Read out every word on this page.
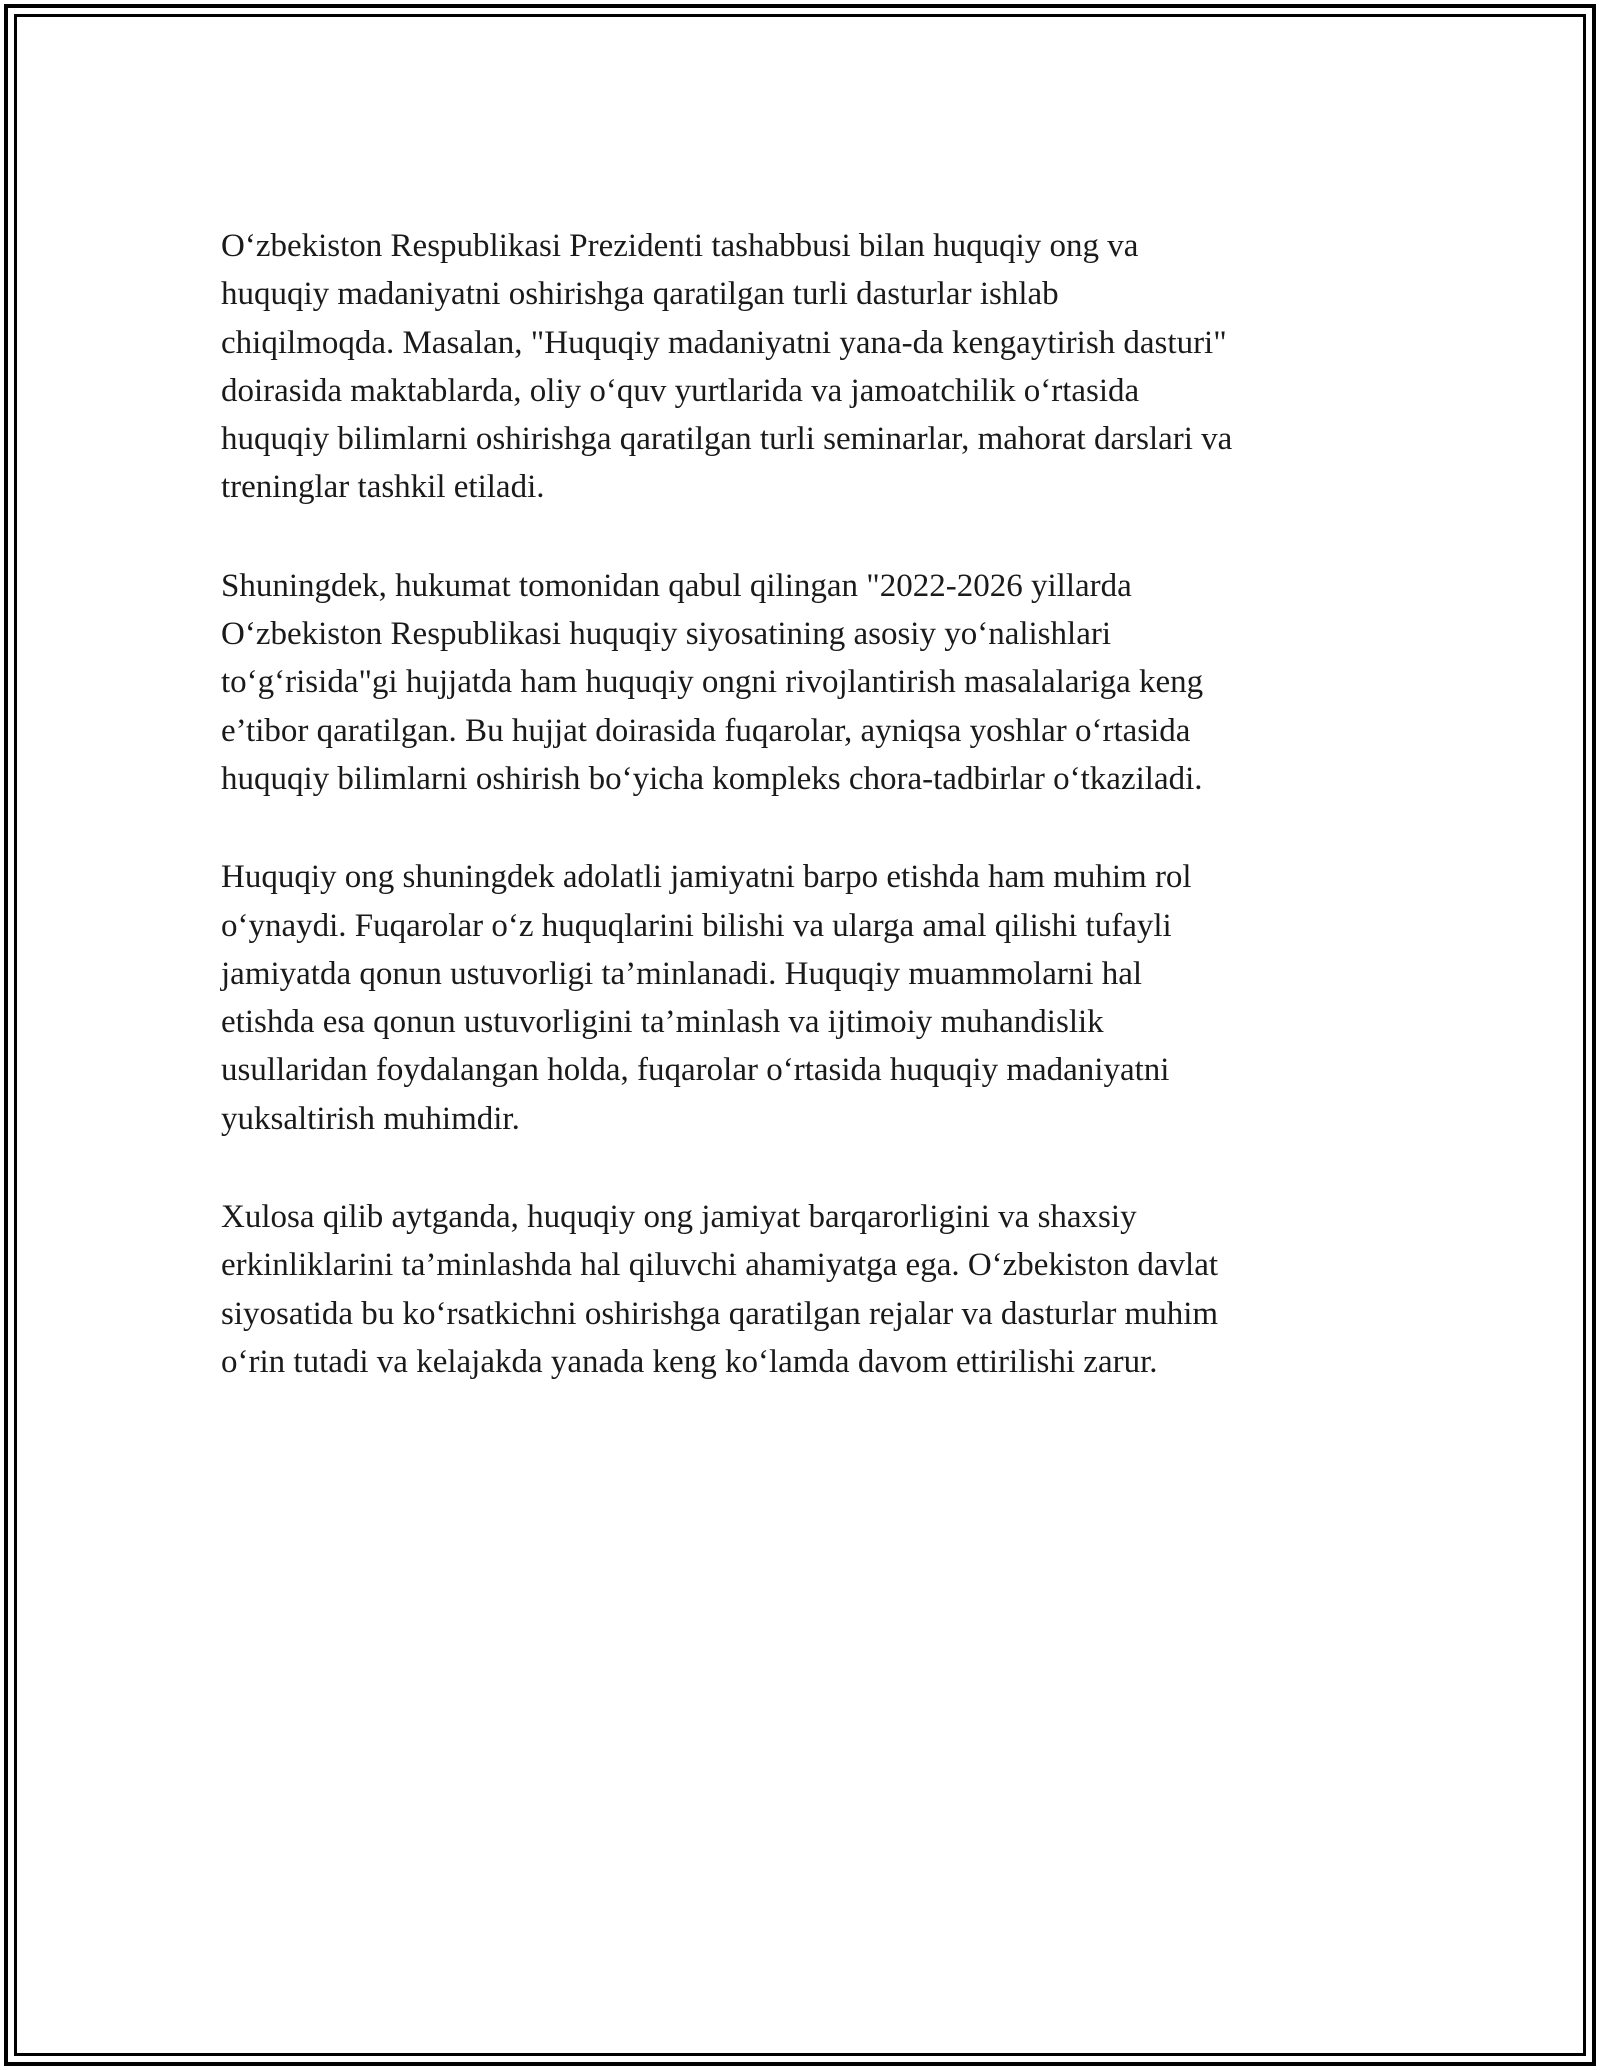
Oʻzbekiston Respublikasi Prezidenti tashabbusi bilan huquqiy ong va
huquqiy madaniyatni oshirishga qaratilgan turli dasturlar ishlab
chiqilmoqda. Masalan, "Huquqiy madaniyatni yana-da kengaytirish dasturi"
doirasida maktablarda, oliy oʻquv yurtlarida va jamoatchilik oʻrtasida
huquqiy bilimlarni oshirishga qaratilgan turli seminarlar, mahorat darslari va
treninglar tashkil etiladi.

Shuningdek, hukumat tomonidan qabul qilingan "2022-2026 yillarda
Oʻzbekiston Respublikasi huquqiy siyosatining asosiy yoʻnalishlari
toʻgʻrisida"gi hujjatda ham huquqiy ongni rivojlantirish masalalariga keng
e’tibor qaratilgan. Bu hujjat doirasida fuqarolar, ayniqsa yoshlar oʻrtasida
huquqiy bilimlarni oshirish boʻyicha kompleks chora-tadbirlar oʻtkaziladi.

Huquqiy ong shuningdek adolatli jamiyatni barpo etishda ham muhim rol
oʻynaydi. Fuqarolar oʻz huquqlarini bilishi va ularga amal qilishi tufayli
jamiyatda qonun ustuvorligi ta’minlanadi. Huquqiy muammolarni hal
etishda esa qonun ustuvorligini ta’minlash va ijtimoiy muhandislik
usullaridan foydalangan holda, fuqarolar oʻrtasida huquqiy madaniyatni
yuksaltirish muhimdir.

Xulosa qilib aytganda, huquqiy ong jamiyat barqarorligini va shaxsiy
erkinliklarini ta’minlashda hal qiluvchi ahamiyatga ega. Oʻzbekiston davlat
siyosatida bu koʻrsatkichni oshirishga qaratilgan rejalar va dasturlar muhim
oʻrin tutadi va kelajakda yanada keng koʻlamda davom ettirilishi zarur.
